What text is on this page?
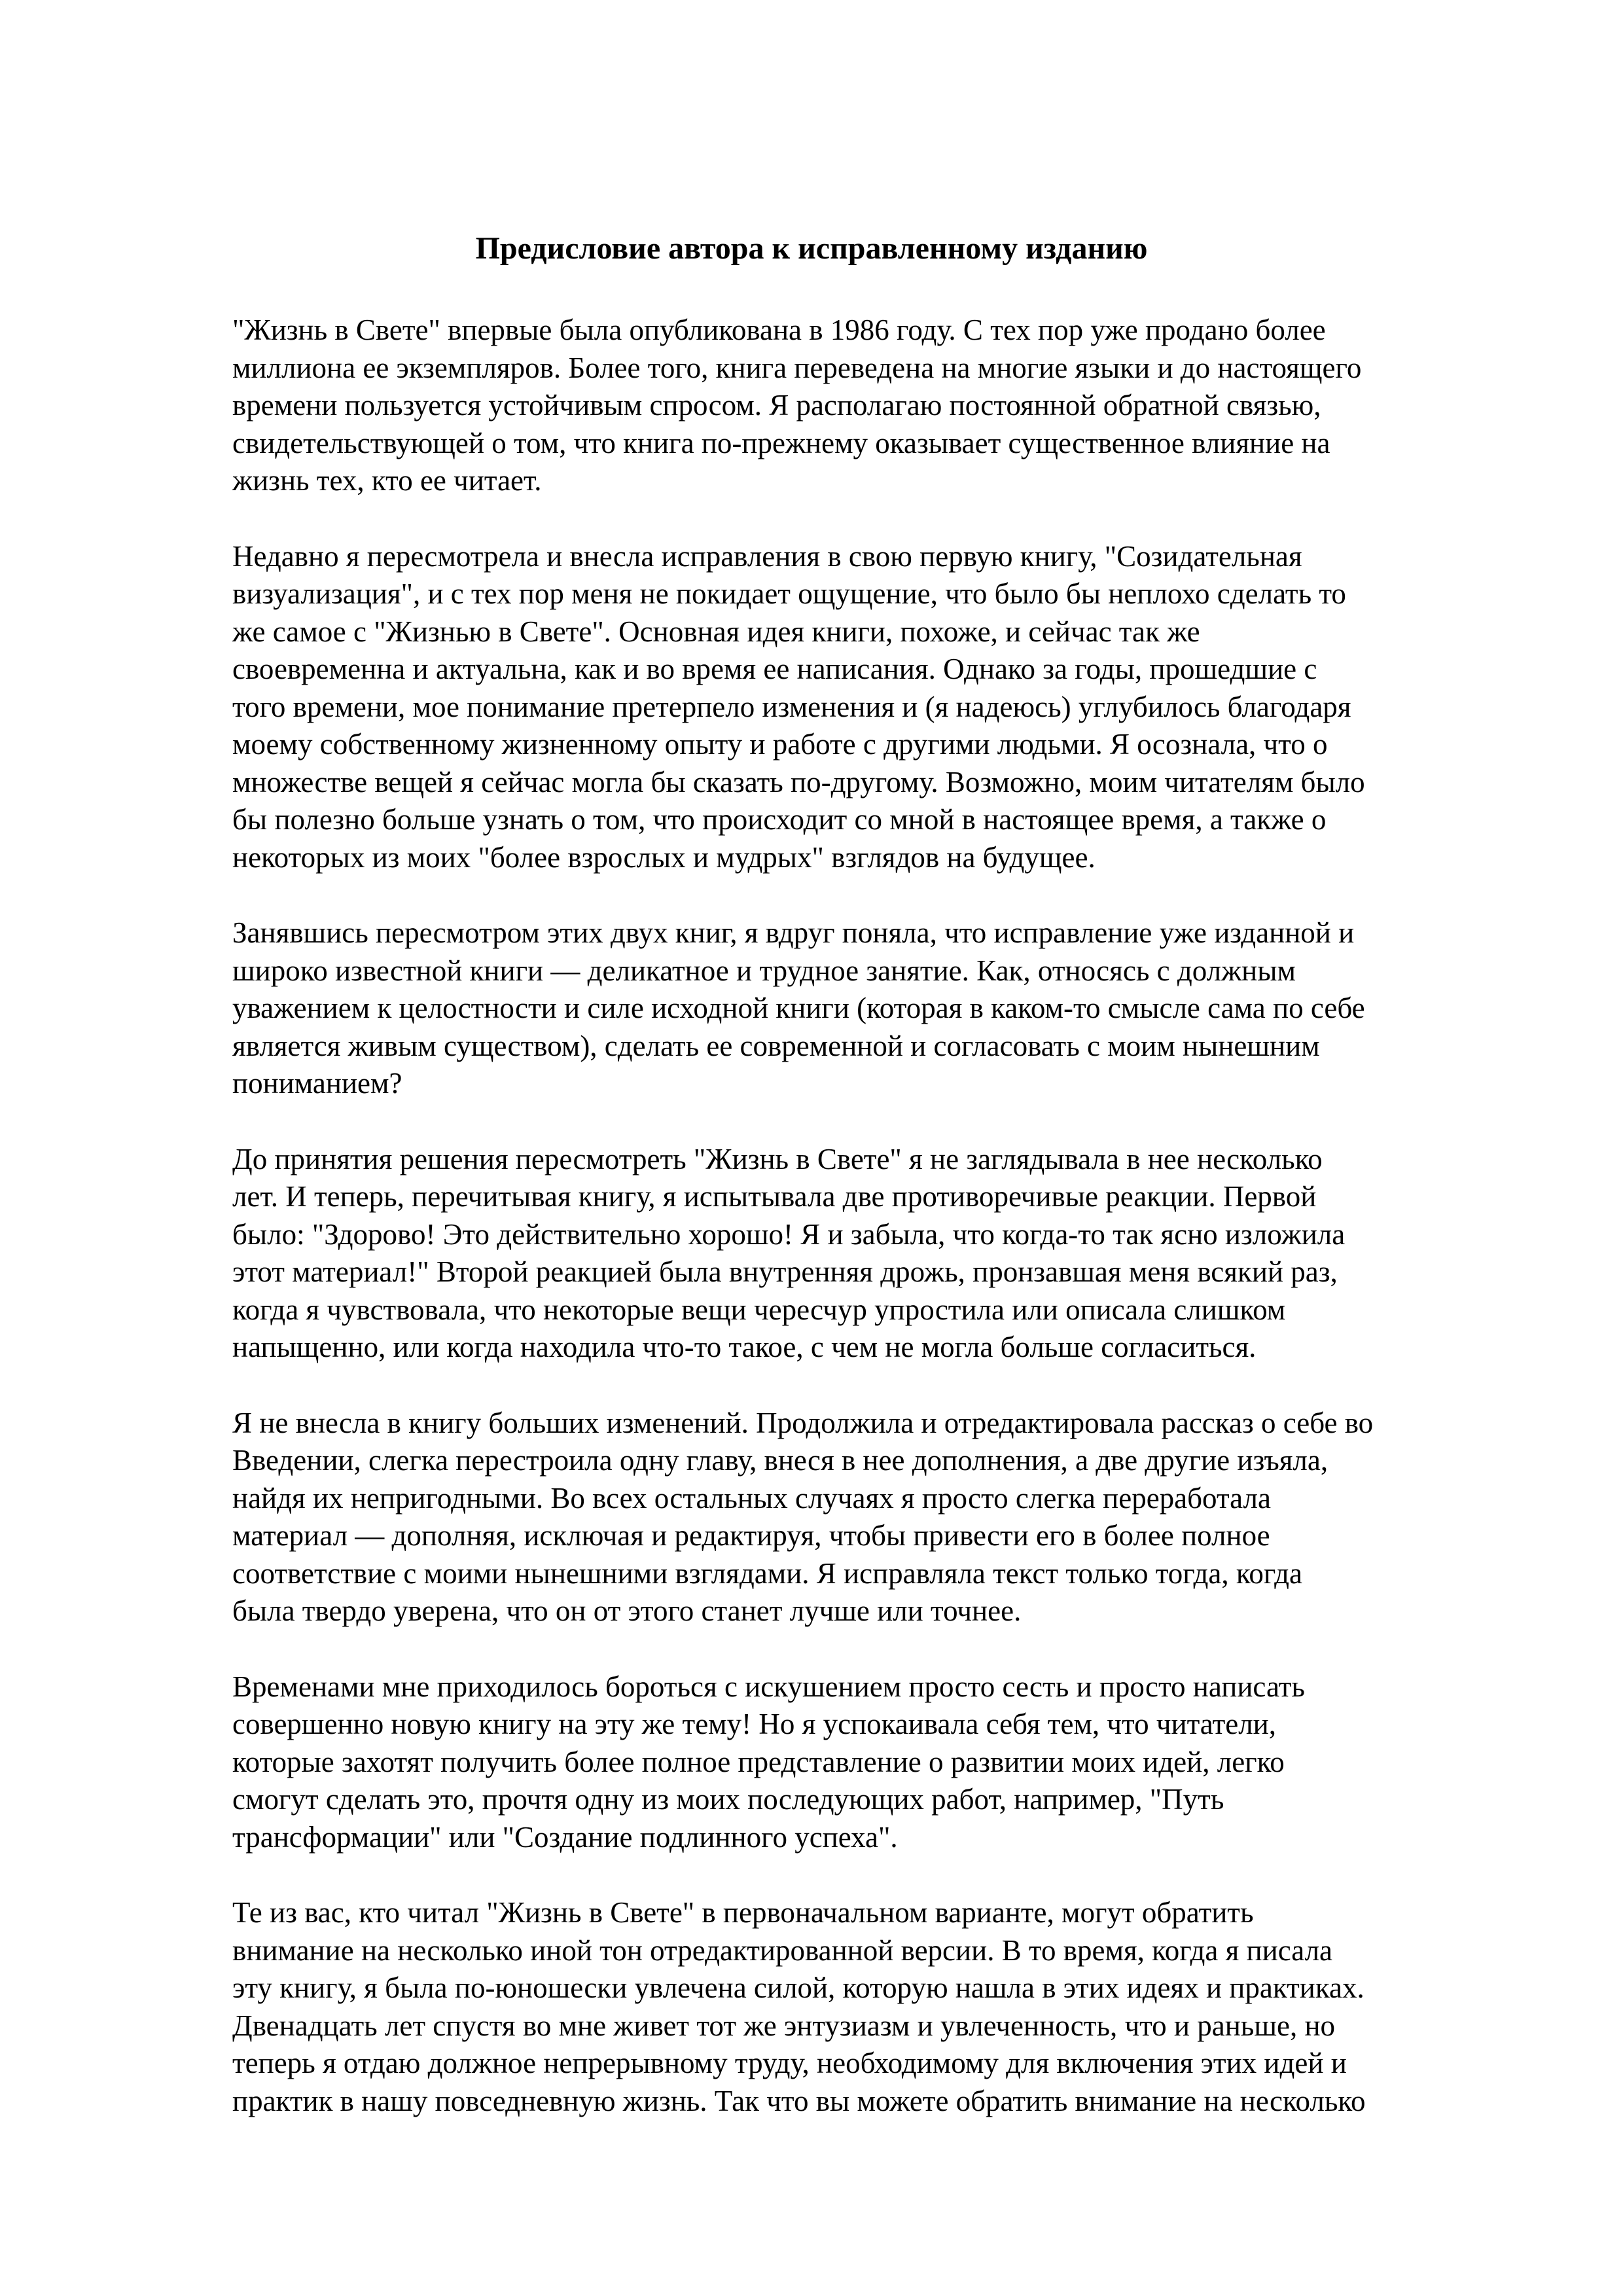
Предисловие автора к исправленному изданию

"Жизнь в Свете" впервые была опубликована в 1986 году. С тех пор уже продано более
миллиона ее экземпляров. Более того, книга переведена на многие языки и до настоящего
времени пользуется устойчивым спросом. Я располагаю постоянной обратной связью,
свидетельствующей о том, что книга по-прежнему оказывает существенное влияние на
жизнь тех, кто ее читает.

Недавно я пересмотрела и внесла исправления в свою первую книгу, "Созидательная
визуализация", и с тех пор меня не покидает ощущение, что было бы неплохо сделать то
же самое с "Жизнью в Свете". Основная идея книги, похоже, и сейчас так же
своевременна и актуальна, как и во время ее написания. Однако за годы, прошедшие с
того времени, мое понимание претерпело изменения и (я надеюсь) углубилось благодаря
моему собственному жизненному опыту и работе с другими людьми. Я осознала, что о
множестве вещей я сейчас могла бы сказать по-другому. Возможно, моим читателям было
бы полезно больше узнать о том, что происходит со мной в настоящее время, а также о
некоторых из моих "более взрослых и мудрых" взглядов на будущее.

Занявшись пересмотром этих двух книг, я вдруг поняла, что исправление уже изданной и
широко известной книги — деликатное и трудное занятие. Как, относясь с должным
уважением к целостности и силе исходной книги (которая в каком-то смысле сама по себе
является живым существом), сделать ее современной и согласовать с моим нынешним
пониманием?

До принятия решения пересмотреть "Жизнь в Свете" я не заглядывала в нее несколько
лет. И теперь, перечитывая книгу, я испытывала две противоречивые реакции. Первой
было: "Здорово! Это действительно хорошо! Я и забыла, что когда-то так ясно изложила
этот материал!" Второй реакцией была внутренняя дрожь, пронзавшая меня всякий раз,
когда я чувствовала, что некоторые вещи чересчур упростила или описала слишком
напыщенно, или когда находила что-то такое, с чем не могла больше согласиться.

Я не внесла в книгу больших изменений. Продолжила и отредактировала рассказ о себе во
Введении, слегка перестроила одну главу, внеся в нее дополнения, а две другие изъяла,
найдя их непригодными. Во всех остальных случаях я просто слегка переработала
материал — дополняя, исключая и редактируя, чтобы привести его в более полное
соответствие с моими нынешними взглядами. Я исправляла текст только тогда, когда
была твердо уверена, что он от этого станет лучше или точнее.

Временами мне приходилось бороться с искушением просто сесть и просто написать
совершенно новую книгу на эту же тему! Но я успокаивала себя тем, что читатели,
которые захотят получить более полное представление о развитии моих идей, легко
смогут сделать это, прочтя одну из моих последующих работ, например, "Путь
трансформации" или "Создание подлинного успеха".

Те из вас, кто читал "Жизнь в Свете" в первоначальном варианте, могут обратить
внимание на несколько иной тон отредактированной версии. В то время, когда я писала
эту книгу, я была по-юношески увлечена силой, которую нашла в этих идеях и практиках.
Двенадцать лет спустя во мне живет тот же энтузиазм и увлеченность, что и раньше, но
теперь я отдаю должное непрерывному труду, необходимому для включения этих идей и
практик в нашу повседневную жизнь. Так что вы можете обратить внимание на несколько
